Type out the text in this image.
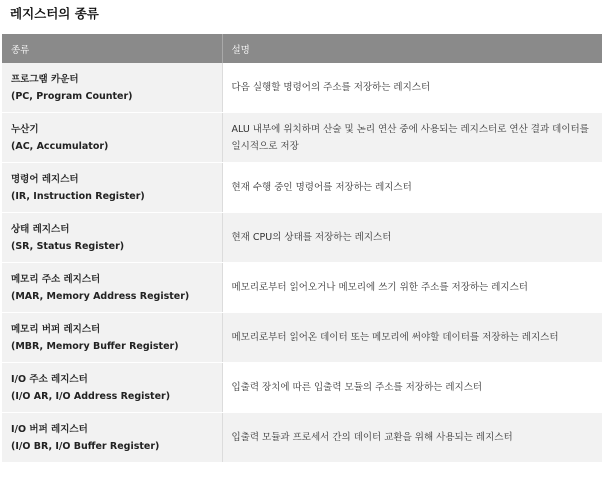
레지스터의 종류
종류	설명

프로그램 카운터
(PC, Program Counter)	다음 실행할 명령어의 주소를 저장하는 레지스터

누산기
(AC, Accumulator)	ALU 내부에 위치하며 산술 및 논리 연산 중에 사용되는 레지스터로 연산 결과 데이터를 일시적으로 저장

명령어 레지스터
(IR, Instruction Register)	현재 수행 중인 명령어를 저장하는 레지스터

상태 레지스터
(SR, Status Register)	현재 CPU의 상태를 저장하는 레지스터

메모리 주소 레지스터
(MAR, Memory Address Register)	메모리로부터 읽어오거나 메모리에 쓰기 위한 주소를 저장하는 레지스터

메모리 버퍼 레지스터
(MBR, Memory Buffer Register)	메모리로부터 읽어온 데이터 또는 메모리에 써야할 데이터를 저장하는 레지스터

I/O 주소 레지스터
(I/O AR, I/O Address Register)	입출력 장치에 따른 입출력 모듈의 주소를 저장하는 레지스터

I/O 버퍼 레지스터
(I/O BR, I/O Buffer Register)	입출력 모듈과 프로세서 간의 데이터 교환을 위해 사용되는 레지스터
